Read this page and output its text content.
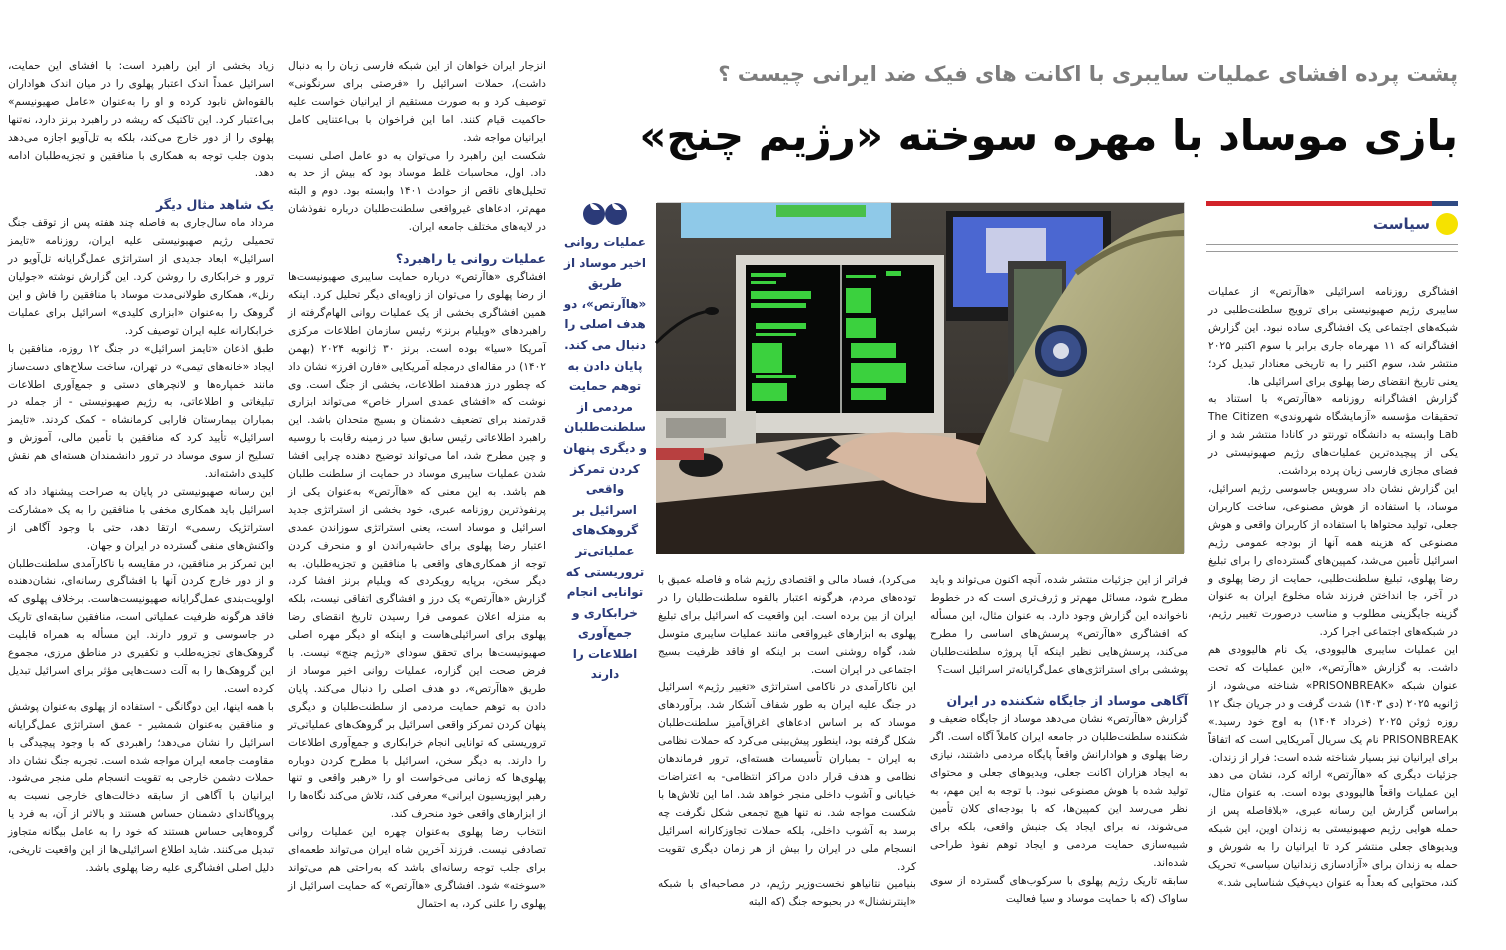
پشت پرده افشای عملیات سایبری با اکانت های فیک ضد ایرانی چیست ؟
بازی موساد با مهره سوخته «رژیم چنج»
سیاست

افشاگری روزنامه اسرائیلی «هاآرتص» از عملیات سایبری رژیم صهیونیستی برای ترویج سلطنت‌طلبی در شبکه‌های اجتماعی یک افشاگری ساده نبود. این گزارش افشاگرانه که ۱۱ مهرماه جاری برابر با سوم اکتبر ۲۰۲۵ منتشر شد، سوم اکتبر را به تاریخی معنادار تبدیل کرد؛ یعنی تاریخ انقضای رضا پهلوی برای اسرائیلی ها.

گزارش افشاگرانه روزنامه «هاآرتص» با استناد به تحقیقات مؤسسه «آزمایشگاه شهروندی» The Citizen Lab وابسته به دانشگاه تورنتو در کانادا منتشر شد و از یکی از پیچیده‌ترین عملیات‌های رژیم صهیونیستی در فضای مجازی فارسی زبان پرده برداشت.

این گزارش نشان داد سرویس جاسوسی رژیم اسرائیل، موساد، با استفاده از هوش مصنوعی، ساخت کاربران جعلی، تولید محتواها با استفاده از کاربران واقعی و هوش مصنوعی که هزینه همه آنها از بودجه عمومی رژیم اسرائیل تأمین می‌شد، کمپین‌های گسترده‌ای را برای تبلیغ رضا پهلوی، تبلیغ سلطنت‌طلبی، حمایت از رضا پهلوی و در آخر، جا انداختن فرزند شاه مخلوع ایران به عنوان گزینه جایگزینی مطلوب و مناسب درصورت تغییر رژیم، در شبکه‌های اجتماعی اجرا کرد.

این عملیات سایبری هالیوودی، یک نام هالیوودی هم داشت. به گزارش «هاآرتص»، «این عملیات که تحت عنوان شبکه «PRISONBREAK» شناخته می‌شود، از ژانویه ۲۰۲۵ (دی ۱۴۰۳) شدت گرفت و در جریان جنگ ۱۲ روزه ژوئن ۲۰۲۵ (خرداد ۱۴۰۴) به اوج خود رسید.» PRISONBREAK نام یک سریال آمریکایی است که اتفاقاً برای ایرانیان نیز بسیار شناخته شده است: فرار از زندان.

جزئیات دیگری که «هاآرتص» ارائه کرد، نشان می دهد این عملیات واقعاً هالیوودی بوده است. به عنوان مثال، براساس گزارش این رسانه عبری، «بلافاصله پس از حمله هوایی رژیم صهیونیستی به زندان اوین، این شبکه ویدیوهای جعلی منتشر کرد تا ایرانیان را به شورش و حمله به زندان برای «آزادسازی زندانیان سیاسی» تحریک کند، محتوایی که بعداً به عنوان دیپ‌فیک شناسایی شد.»

عملیات روانی اخیر موساد از طریق «هاآرتص»، دو هدف اصلی را دنبال می کند. پایان دادن به توهم حمایت مردمی از سلطنت‌طلبان و دیگری پنهان کردن تمرکز واقعی اسرائیل بر گروهک‌های عملیاتی‌تر تروریستی که توانایی انجام خرابکاری و جمع‌آوری اطلاعات را دارند

فراتر از این جزئیات منتشر شده، آنچه اکنون می‌تواند و باید مطرح شود، مسائل مهم‌تر و ژرف‌تری است که در خطوط ناخوانده این گزارش وجود دارد. به عنوان مثال، این مسأله که افشاگری «هاآرتص» پرسش‌های اساسی را مطرح می‌کند، پرسش‌هایی نظیر اینکه آیا پروژه سلطنت‌طلبان پوششی برای استراتژی‌های عمل‌گرایانه‌تر اسرائیل است؟

آگاهی موساد از جایگاه شکننده در ایران

گزارش «هاآرتص» نشان می‌دهد موساد از جایگاه ضعیف و شکننده سلطنت‌طلبان در جامعه ایران کاملاً آگاه است. اگر رضا پهلوی و هوادارانش واقعاً پایگاه مردمی داشتند، نیازی به ایجاد هزاران اکانت جعلی، ویدیوهای جعلی و محتوای تولید شده با هوش مصنوعی نبود. با توجه به این مهم، به نظر می‌رسد این کمپین‌ها، که با بودجه‌ای کلان تأمین می‌شوند، نه برای ایجاد یک جنبش واقعی، بلکه برای شبیه‌سازی حمایت مردمی و ایجاد توهم نفوذ طراحی شده‌اند.

سابقه تاریک رژیم پهلوی با سرکوب‌های گسترده از سوی ساواک (که با حمایت موساد و سیا فعالیت

می‌کرد)، فساد مالی و اقتصادی رژیم شاه و فاصله عمیق با توده‌های مردم، هرگونه اعتبار بالقوه سلطنت‌طلبان را در ایران از بین برده است. این واقعیت که اسرائیل برای تبلیغ پهلوی به ابزارهای غیرواقعی مانند عملیات سایبری متوسل شد، گواه روشنی است بر اینکه او فاقد ظرفیت بسیج اجتماعی در ایران است.

این ناکارآمدی در ناکامی استراتژی «تغییر رژیم» اسرائیل در جنگ علیه ایران به طور شفاف آشکار شد. برآوردهای موساد که بر اساس ادعاهای اغراق‌آمیز سلطنت‌طلبان شکل گرفته بود، اینطور پیش‌بینی می‌کرد که حملات نظامی به ایران - بمباران تأسیسات هسته‌ای، ترور فرماندهان نظامی و هدف قرار دادن مراکز انتظامی- به اعتراضات خیابانی و آشوب داخلی منجر خواهد شد. اما این تلاش‌ها با شکست مواجه شد. نه تنها هیچ تجمعی شکل نگرفت چه برسد به آشوب داخلی، بلکه حملات تجاوزکارانه اسرائیل انسجام ملی در ایران را بیش از هر زمان دیگری تقویت کرد.

بنیامین نتانیاهو نخست‌وزیر رژیم، در مصاحبه‌ای با شبکه «اینترنشنال» در بحبوحه جنگ (که البته

انزجار ایران خواهان از این شبکه فارسی زبان را به دنبال داشت)، حملات اسرائیل را «فرصتی برای سرنگونی» توصیف کرد و به صورت مستقیم از ایرانیان خواست علیه حاکمیت قیام کنند. اما این فراخوان با بی‌اعتنایی کامل ایرانیان مواجه شد.

شکست این راهبرد را می‌توان به دو عامل اصلی نسبت داد. اول، محاسبات غلط موساد بود که بیش از حد به تحلیل‌های ناقص از حوادث ۱۴۰۱ وابسته بود. دوم و البته مهم‌تر، ادعاهای غیرواقعی سلطنت‌طلبان درباره نفوذشان در لایه‌های مختلف جامعه ایران.

عملیات روانی یا راهبرد؟

افشاگری «هاآرتص» درباره حمایت سایبری صهیونیست‌ها از رضا پهلوی را می‌توان از زاویه‌ای دیگر تحلیل کرد. اینکه همین افشاگری بخشی از یک عملیات روانی الهام‌گرفته از راهبردهای «ویلیام برنز» رئیس سازمان اطلاعات مرکزی آمریکا «سیا» بوده است. برنز ۳۰ ژانویه ۲۰۲۴ (بهمن ۱۴۰۲) در مقاله‌ای درمجله آمریکایی «فارن افرز» نشان داد که چطور درز هدفمند اطلاعات، بخشی از جنگ است. وی نوشت که «افشای عمدی اسرار خاص» می‌تواند ابزاری قدرتمند برای تضعیف دشمنان و بسیج متحدان باشد. این راهبرد اطلاعاتی رئیس سابق سیا در زمینه رقابت با روسیه و چین مطرح شد، اما می‌تواند توضیح دهنده چرایی افشا شدن عملیات سایبری موساد در حمایت از سلطنت طلبان هم باشد. به این معنی که «هاآرتص» به‌عنوان یکی از پرنفوذترین روزنامه عبری، خود بخشی از استراتژی جدید اسرائیل و موساد است، یعنی استراتژی سوزاندن عمدی اعتبار رضا پهلوی برای حاشیه‌راندن او و منحرف کردن توجه از همکاری‌های واقعی با منافقین و تجزیه‌طلبان. به دیگر سخن، برپایه رویکردی که ویلیام برنز افشا کرد، گزارش «هاآرتص» یک درز و افشاگری اتفاقی نیست، بلکه به منزله اعلان عمومی فرا رسیدن تاریخ انقضای رضا پهلوی برای اسرائیلی‌هاست و اینکه او دیگر مهره اصلی صهیونیست‌ها برای تحقق سودای «رژیم چنج» نیست. با فرض صحت این گزاره، عملیات روانی اخیر موساد از طریق «هاآرتص»، دو هدف اصلی را دنبال می‌کند. پایان دادن به توهم حمایت مردمی از سلطنت‌طلبان و دیگری پنهان کردن تمرکز واقعی اسرائیل بر گروهک‌های عملیاتی‌تر تروریستی که توانایی انجام خرابکاری و جمع‌آوری اطلاعات را دارند. به دیگر سخن، اسرائیل با مطرح کردن دوباره پهلوی‌ها که زمانی می‌خواست او را «رهبر واقعی و تنها رهبر اپوزیسیون ایرانی» معرفی کند، تلاش می‌کند نگاه‌ها را از ابزارهای واقعی خود منحرف کند.

انتخاب رضا پهلوی به‌عنوان چهره این عملیات روانی تصادفی نیست. فرزند آخرین شاه ایران می‌تواند طعمه‌ای برای جلب توجه رسانه‌ای باشد که به‌راحتی هم می‌تواند «سوخته» شود. افشاگری «هاآرتص» که حمایت اسرائیل از پهلوی را علنی کرد، به احتمال

زیاد بخشی از این راهبرد است: با افشای این حمایت، اسرائیل عمداً اندک اعتبار پهلوی را در میان اندک هواداران بالقوه‌اش نابود کرده و او را به‌عنوان «عامل صهیونیسم» بی‌اعتبار کرد. این تاکتیک که ریشه در راهبرد برنز دارد، نه‌تنها پهلوی را از دور خارج می‌کند، بلکه به تل‌آویو اجازه می‌دهد بدون جلب توجه به همکاری با منافقین و تجزیه‌طلبان ادامه دهد.

یک شاهد مثال دیگر

مرداد ماه سال‌جاری به فاصله چند هفته پس از توقف جنگ تحمیلی رژیم صهیونیستی علیه ایران، روزنامه «تایمز اسرائیل» ابعاد جدیدی از استراتژی عمل‌گرایانه تل‌آویو در ترور و خرابکاری را روشن کرد. این گزارش نوشته «جولیان رنل»، همکاری طولانی‌مدت موساد با منافقین را فاش و این گروهک را به‌عنوان «ابزاری کلیدی» اسرائیل برای عملیات خرابکارانه علیه ایران توصیف کرد.

طبق اذعان «تایمز اسرائیل» در جنگ ۱۲ روزه، منافقین با ایجاد «خانه‌های تیمی» در تهران، ساخت سلاح‌های دست‌ساز مانند خمپاره‌ها و لانچرهای دستی و جمع‌آوری اطلاعات تبلیغاتی و اطلاعاتی، به رژیم صهیونیستی - از جمله در بمباران بیمارستان فارابی کرمانشاه - کمک کردند. «تایمز اسرائیل» تأیید کرد که منافقین با تأمین مالی، آموزش و تسلیح از سوی موساد در ترور دانشمندان هسته‌ای هم نقش کلیدی داشته‌اند.

این رسانه صهیونیستی در پایان به صراحت پیشنهاد داد که اسرائیل باید همکاری مخفی با منافقین را به یک «مشارکت استراتژیک رسمی» ارتقا دهد، حتی با وجود آگاهی از واکنش‌های منفی گسترده در ایران و جهان.

این تمرکز بر منافقین، در مقایسه با ناکارآمدی سلطنت‌طلبان و از دور خارج کردن آنها با افشاگری رسانه‌ای، نشان‌دهنده اولویت‌بندی عمل‌گرایانه صهیونیست‌هاست. برخلاف پهلوی که فاقد هرگونه ظرفیت عملیاتی است، منافقین سابقه‌ای تاریک در جاسوسی و ترور دارند. این مسأله به همراه قابلیت گروهک‌های تجزیه‌طلب و تکفیری در مناطق مرزی، مجموع این گروهک‌ها را به آلت دست‌هایی مؤثر برای اسرائیل تبدیل کرده است.

با همه اینها، این دوگانگی - استفاده از پهلوی به‌عنوان پوشش و منافقین به‌عنوان شمشیر - عمق استراتژی عمل‌گرایانه اسرائیل را نشان می‌دهد؛ راهبردی که با وجود پیچیدگی با مقاومت جامعه ایران مواجه شده است. تجربه جنگ نشان داد حملات دشمن خارجی به تقویت انسجام ملی منجر می‌شود. ایرانیان با آگاهی از سابقه دخالت‌های خارجی نسبت به پروپاگاندای دشمنان حساس هستند و بالاتر از آن، به فرد یا گروه‌هایی حساس هستند که خود را به عامل بیگانه متجاوز تبدیل می‌کنند. شاید اطلاع اسرائیلی‌ها از این واقعیت تاریخی، دلیل اصلی افشاگری علیه رضا پهلوی باشد.
